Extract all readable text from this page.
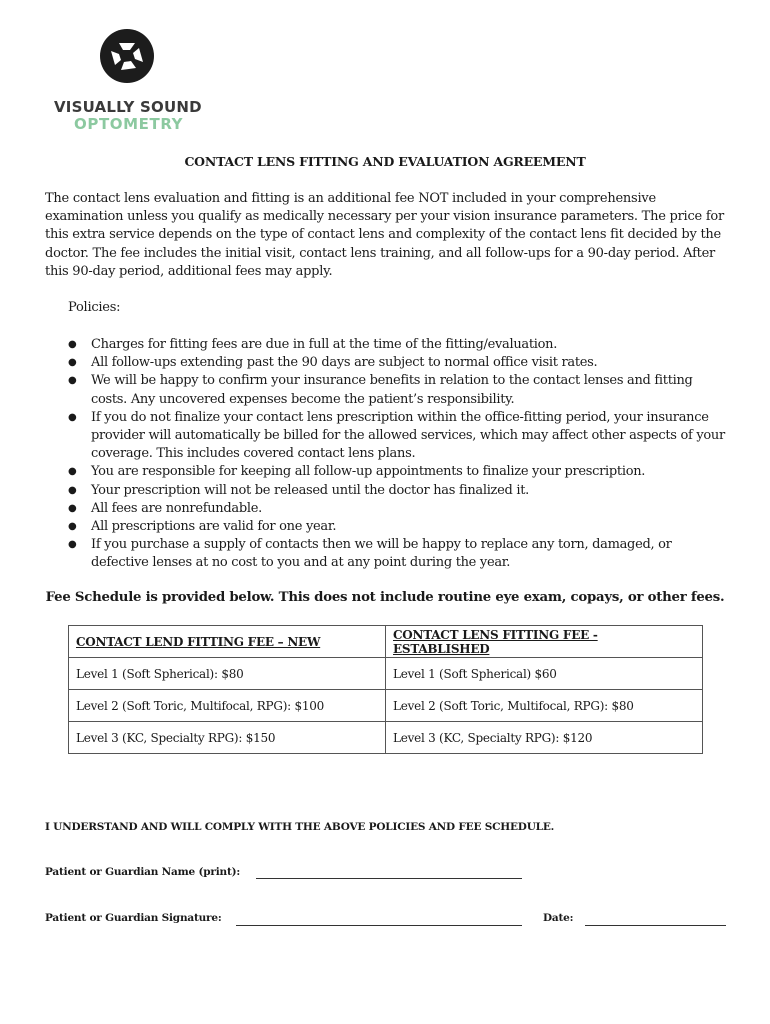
VISUALLY SOUND
OPTOMETRY
CONTACT LENS FITTING AND EVALUATION AGREEMENT

The contact lens evaluation and fitting is an additional fee NOT included in your comprehensive examination unless you qualify as medically necessary per your vision insurance parameters. The price for this extra service depends on the type of contact lens and complexity of the contact lens fit decided by the doctor. The fee includes the initial visit, contact lens training, and all follow-ups for a 90-day period. After this 90-day period, additional fees may apply.

Policies:
● Charges for fitting fees are due in full at the time of the fitting/evaluation.
● All follow-ups extending past the 90 days are subject to normal office visit rates.
● We will be happy to confirm your insurance benefits in relation to the contact lenses and fitting costs. Any uncovered expenses become the patient’s responsibility.
● If you do not finalize your contact lens prescription within the office-fitting period, your insurance provider will automatically be billed for the allowed services, which may affect other aspects of your coverage. This includes covered contact lens plans.
● You are responsible for keeping all follow-up appointments to finalize your prescription.
● Your prescription will not be released until the doctor has finalized it.
● All fees are nonrefundable.
● All prescriptions are valid for one year.
● If you purchase a supply of contacts then we will be happy to replace any torn, damaged, or defective lenses at no cost to you and at any point during the year.
Fee Schedule is provided below. This does not include routine eye exam, copays, or other fees.
CONTACT LEND FITTING FEE – NEW	CONTACT LENS FITTING FEE - ESTABLISHED
Level 1 (Soft Spherical): $80	Level 1 (Soft Spherical) $60
Level 2 (Soft Toric, Multifocal, RPG): $100	Level 2 (Soft Toric, Multifocal, RPG): $80
Level 3 (KC, Specialty RPG): $150	Level 3 (KC, Specialty RPG): $120
I UNDERSTAND AND WILL COMPLY WITH THE ABOVE POLICIES AND FEE SCHEDULE.
Patient or Guardian Name (print):
Patient or Guardian Signature:	Date:
